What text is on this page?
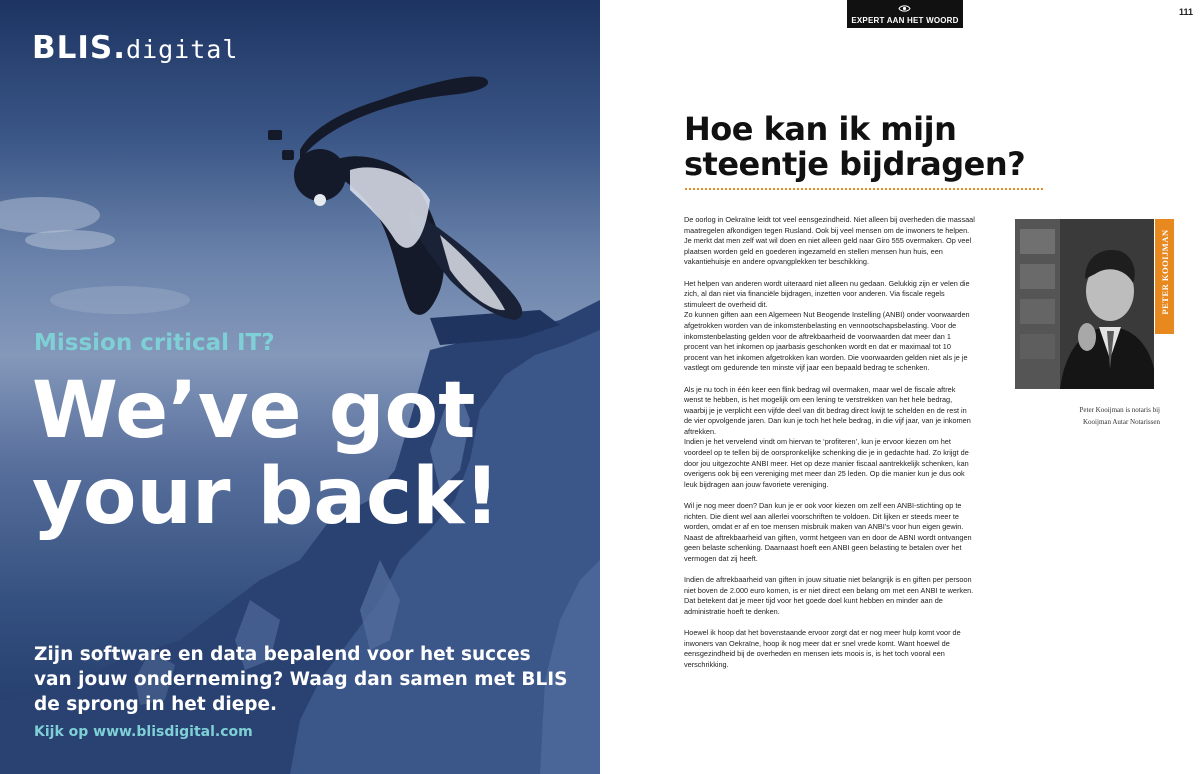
BLIS.digital
Mission critical IT?
We’ve got
your back!
Zijn software en data bepalend voor het succes van jouw onderneming? Waag dan samen met BLIS de sprong in het diepe.
Kijk op www.blisdigital.com
EXPERT AAN HET WOORD
111
Hoe kan ik mijn steentje bijdragen?

De oorlog in Oekraïne leidt tot veel eensgezindheid. Niet alleen bij overheden die massaal maatregelen afkondigen tegen Rusland. Ook bij veel mensen om de inwoners te helpen. Je merkt dat men zelf wat wil doen en niet alleen geld naar Giro 555 overmaken. Op veel plaatsen worden geld en goederen ingezameld en stellen mensen hun huis, een vakantiehuisje en andere opvangplekken ter beschikking.

Het helpen van anderen wordt uiteraard niet alleen nu gedaan. Gelukkig zijn er velen die zich, al dan niet via financiële bijdragen, inzetten voor anderen. Via fiscale regels stimuleert de overheid dit.

Zo kunnen giften aan een Algemeen Nut Beogende Instelling (ANBI) onder voorwaarden afgetrokken worden van de inkomstenbelasting en vennootschapsbelasting. Voor de inkomstenbelasting gelden voor de aftrekbaarheid de voorwaarden dat meer dan 1 procent van het inkomen op jaarbasis geschonken wordt en dat er maximaal tot 10 procent van het inkomen afgetrokken kan worden. Die voorwaarden gelden niet als je je vastlegt om gedurende ten minste vijf jaar een bepaald bedrag te schenken.

Als je nu toch in één keer een flink bedrag wil overmaken, maar wel de fiscale aftrek wenst te hebben, is het mogelijk om een lening te verstrekken van het hele bedrag, waarbij je je verplicht een vijfde deel van dit bedrag direct kwijt te schelden en de rest in de vier opvolgende jaren. Dan kun je toch het hele bedrag, in die vijf jaar, van je inkomen aftrekken.

Indien je het vervelend vindt om hiervan te ‘profiteren’, kun je ervoor kiezen om het voordeel op te tellen bij de oorspronkelijke schenking die je in gedachte had. Zo krijgt de door jou uitgezochte ANBI meer. Het op deze manier fiscaal aantrekkelijk schenken, kan overigens ook bij een vereniging met meer dan 25 leden. Op die manier kun je dus ook leuk bijdragen aan jouw favoriete vereniging.

Wil je nog meer doen? Dan kun je er ook voor kiezen om zelf een ANBI-stichting op te richten. Die dient wel aan allerlei voorschriften te voldoen. Dit lijken er steeds meer te worden, omdat er af en toe mensen misbruik maken van ANBI’s voor hun eigen gewin. Naast de aftrekbaarheid van giften, vormt hetgeen van en door de ABNI wordt ontvangen geen belaste schenking. Daarnaast hoeft een ANBI geen belasting te betalen over het vermogen dat zij heeft.

Indien de aftrekbaarheid van giften in jouw situatie niet belangrijk is en giften per persoon niet boven de 2.000 euro komen, is er niet direct een belang om met een ANBI te werken. Dat betekent dat je meer tijd voor het goede doel kunt hebben en minder aan de administratie hoeft te denken.

Hoewel ik hoop dat het bovenstaande ervoor zorgt dat er nog meer hulp komt voor de inwoners van Oekraïne, hoop ik nog meer dat er snel vrede komt. Want hoewel de eensgezindheid bij de overheden en mensen iets moois is, is het toch vooral een verschrikking.

PETER KOOIJMAN
Peter Kooijman is notaris bij
Kooijman Autar Notarissen
